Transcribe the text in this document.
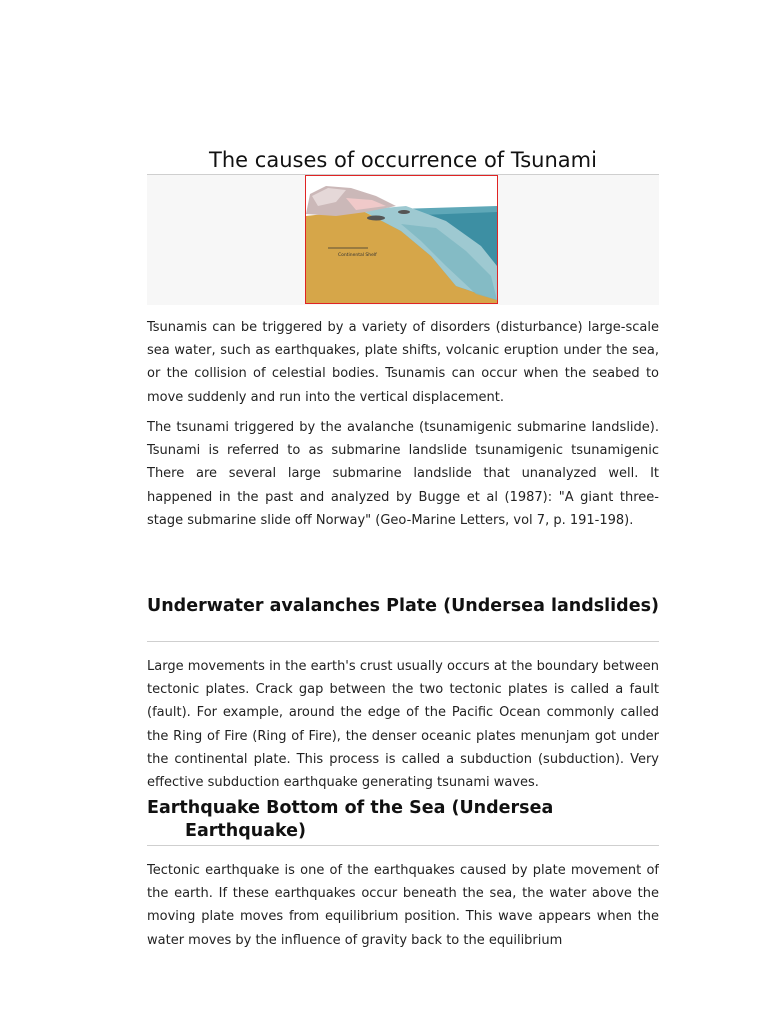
The causes of occurrence of Tsunami
Continental Shelf

Tsunamis can be triggered by a variety of disorders (disturbance) large-scale sea water, such as earthquakes, plate shifts, volcanic eruption under the sea, or the collision of celestial bodies. Tsunamis can occur when the seabed to move suddenly and run into the vertical displacement.

The tsunami triggered by the avalanche (tsunamigenic submarine landslide). Tsunami is referred to as submarine landslide tsunamigenic tsunamigenic There are several large submarine landslide that unanalyzed well. It happened in the past and analyzed by Bugge et al (1987): "A giant three-stage submarine slide off Norway" (Geo-Marine Letters, vol 7, p. 191-198).

Underwater avalanches Plate (Undersea landslides)

Large movements in the earth's crust usually occurs at the boundary between tectonic plates. Crack gap between the two tectonic plates is called a fault (fault). For example, around the edge of the Pacific Ocean commonly called the Ring of Fire (Ring of Fire), the denser oceanic plates menunjam got under the continental plate. This process is called a subduction (subduction). Very effective subduction earthquake generating tsunami waves.

Earthquake Bottom of the Sea (Undersea Earthquake)

Tectonic earthquake is one of the earthquakes caused by plate movement of the earth. If these earthquakes occur beneath the sea, the water above the moving plate moves from equilibrium position. This wave appears when the water moves by the influence of gravity back to the equilibrium
